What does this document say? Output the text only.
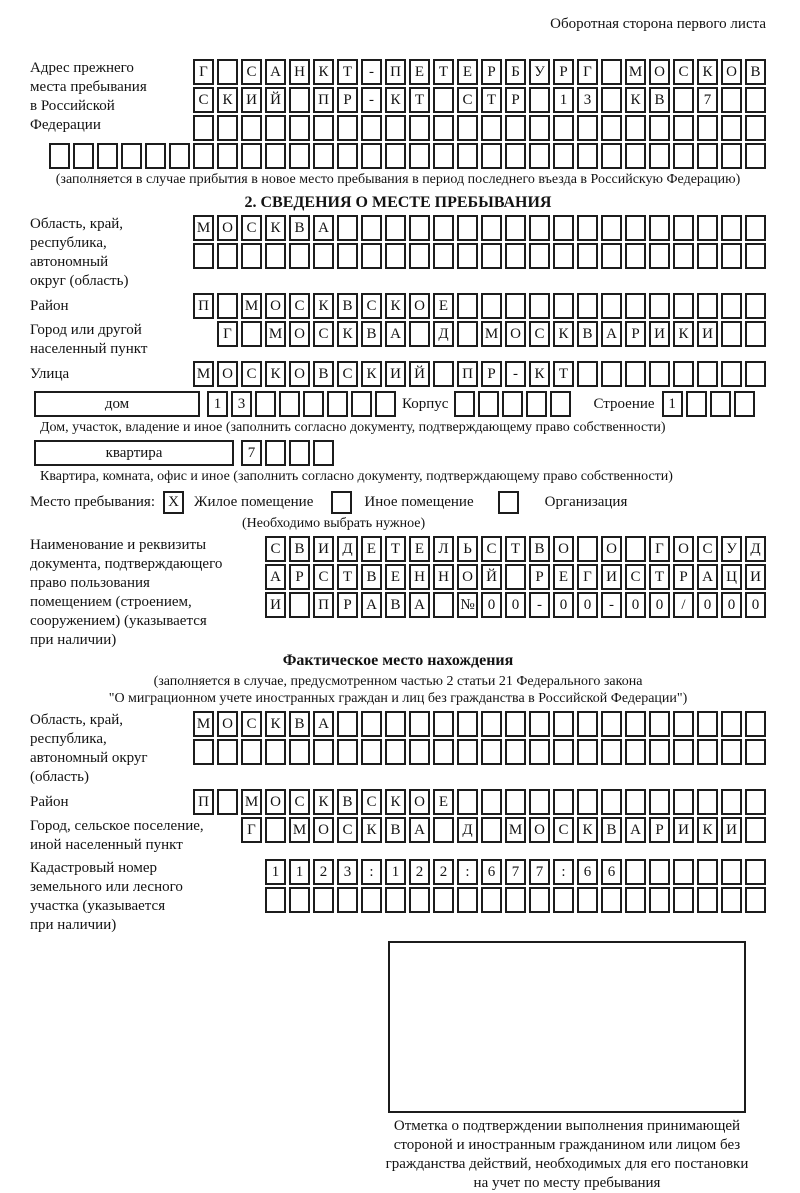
Оборотная сторона первого листа
Адрес прежнего
места пребывания
в Российской
Федерации
Г	С А Н К Т	-	П Е Т Е	Р	Б У Р	Г	М О С К О В
С К И Й	П Р	-	К Т	С Т	Р	1	3	К В	7
(заполняется в случае прибытия в новое место пребывания в период последнего въезда в Российскую Федерацию)
2. СВЕДЕНИЯ О МЕСТЕ ПРЕБЫВАНИЯ
Область, край,
республика,
автономный
округ (область)
М О С К В А
Район	П	М О С К В С К О Е
Город или другой
населенный пункт
Г	М О С К В А	Д	М О С К В А Р И К И
Улица	М О С К О В С К И Й	П Р	-	К Т
дом	1	3	Корпус	Строение 1
Дом, участок, владение и иное (заполнить согласно документу, подтверждающему право собственности)
квартира	7
Квартира, комната, офис и иное (заполнить согласно документу, подтверждающему право собственности)
Место пребывания: X	Жилое помещение	Иное помещение	Организация
(Необходимо выбрать нужное)
Наименование и реквизиты
документа, подтверждающего
право пользования
помещением (строением,
сооружением) (указывается
при наличии)
С В И Д Е Т Е Л Ь С Т В О	О	Г О С У Д
А Р С Т В Е Н Н О Й	Р	Е	Г И С Т	Р А Ц И
И	П Р А В А	№ 0	0	-	0	0	-	0	0	/	0	0	0
Фактическое место нахождения
(заполняется в случае, предусмотренном частью 2 статьи 21 Федерального закона
"О миграционном учете иностранных граждан и лиц без гражданства в Российской Федерации")
Область, край,
республика,
автономный округ
(область)
М О С К В А
Район	П	М О С К В С К О Е
Город, сельское поселение,
иной населенный пункт
Г	М О С К В А	Д	М О С К В А Р И К И
Кадастровый номер
земельного или лесного
участка (указывается
при наличии)
1	1	2	3	:	1	2	2	:	6	7	7	:	6	6
Отметка о подтверждении выполнения принимающей
стороной и иностранным гражданином или лицом без
гражданства действий, необходимых для его постановки
на учет по месту пребывания
